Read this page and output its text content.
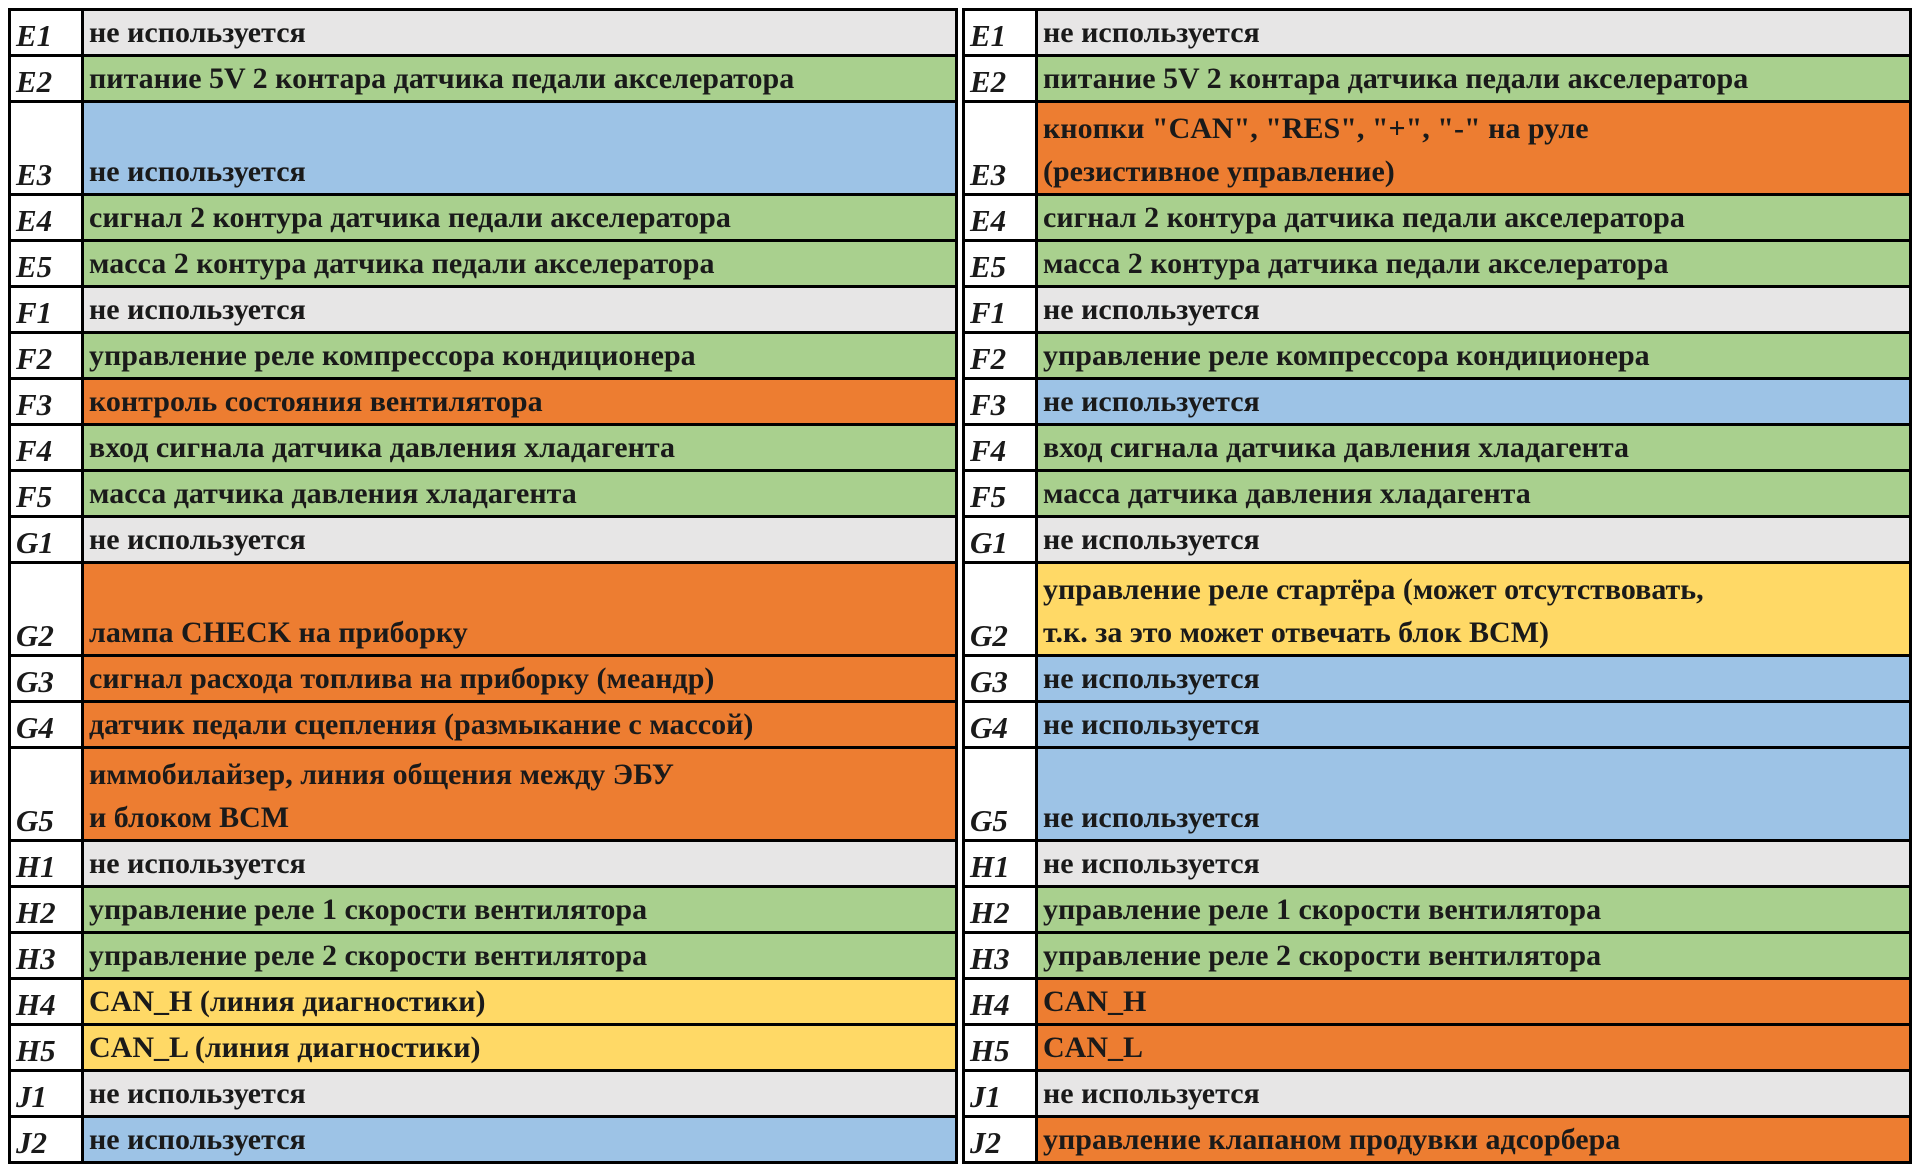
E1	не используется

E2	питание 5V 2 контара датчика педали акселератора

E3	не используется

E4	сигнал 2 контура датчика педали акселератора

E5	масса 2 контура датчика педали акселератора

F1	не используется

F2	управление реле компрессора кондиционера

F3	контроль состояния вентилятора

F4	вход сигнала датчика давления хладагента

F5	масса датчика давления хладагента

G1	не используется

G2	лампа CHECK на приборку

G3	сигнал расхода топлива на приборку (меандр)

G4	датчик педали сцепления (размыкание с массой)

G5	иммобилайзер, линия общения между ЭБУ
и блоком ВСМ

H1	не используется

H2	управление реле 1 скорости вентилятора

H3	управление реле 2 скорости вентилятора

H4	CAN_H (линия диагностики)

H5	CAN_L (линия диагностики)

J1	не используется

J2	не используется
E1	не используется

E2	питание 5V 2 контара датчика педали акселератора

E3	кнопки "CAN", "RES", "+", "-" на руле
(резистивное управление)

E4	сигнал 2 контура датчика педали акселератора

E5	масса 2 контура датчика педали акселератора

F1	не используется

F2	управление реле компрессора кондиционера

F3	не используется

F4	вход сигнала датчика давления хладагента

F5	масса датчика давления хладагента

G1	не используется

G2	управление реле стартёра (может отсутствовать,
т.к. за это может отвечать блок ВСМ)

G3	не используется

G4	не используется

G5	не используется

H1	не используется

H2	управление реле 1 скорости вентилятора

H3	управление реле 2 скорости вентилятора

H4	CAN_H

H5	CAN_L

J1	не используется

J2	управление клапаном продувки адсорбера
